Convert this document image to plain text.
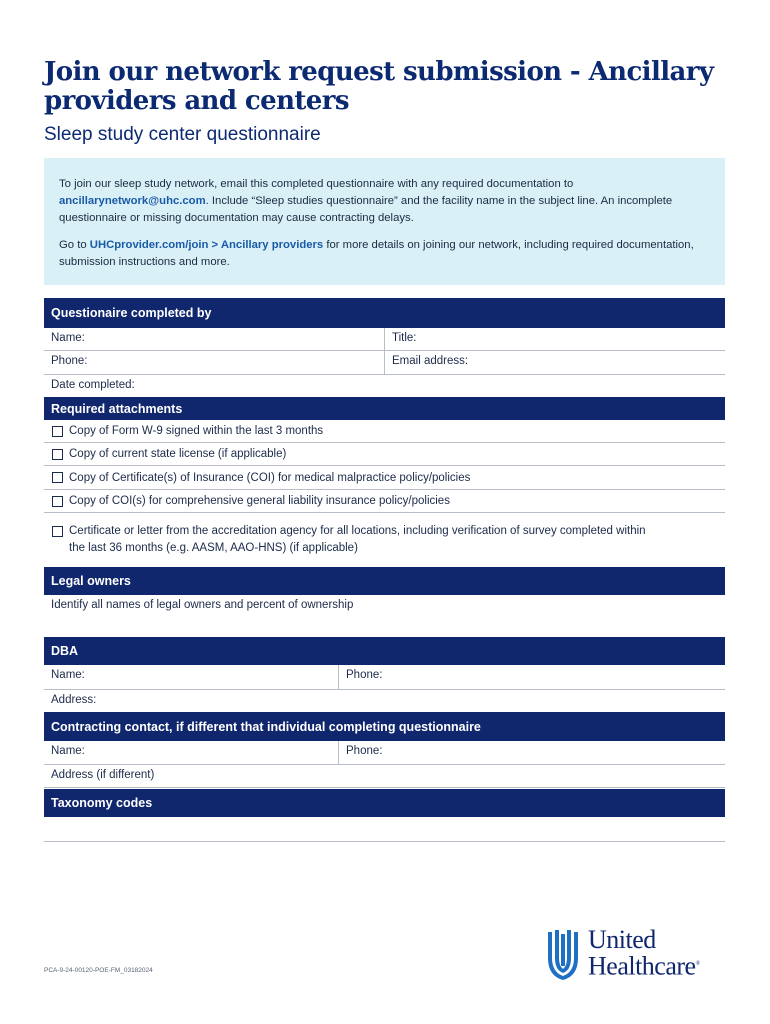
Join our network request submission - Ancillary providers and centers
Sleep study center questionnaire

To join our sleep study network, email this completed questionnaire with any required documentation to ancillarynetwork@uhc.com. Include “Sleep studies questionnaire” and the facility name in the subject line. An incomplete questionnaire or missing documentation may cause contracting delays.

Go to UHCprovider.com/join > Ancillary providers for more details on joining our network, including required documentation, submission instructions and more.

Questionaire completed by
Name:	Title:
Phone:	Email address:
Date completed:
Required attachments
Copy of Form W-9 signed within the last 3 months
Copy of current state license (if applicable)
Copy of Certificate(s) of Insurance (COI) for medical malpractice policy/policies
Copy of COI(s) for comprehensive general liability insurance policy/policies
Certificate or letter from the accreditation agency for all locations, including verification of survey completed within the last 36 months (e.g. AASM, AAO-HNS) (if applicable)
Legal owners
Identify all names of legal owners and percent of ownership
DBA
Name:	Phone:
Address:
Contracting contact, if different that individual completing questionnaire
Name:	Phone:
Address (if different)
Taxonomy codes
PCA-9-24-00120-POE-FM_03182024
United
Healthcare®
